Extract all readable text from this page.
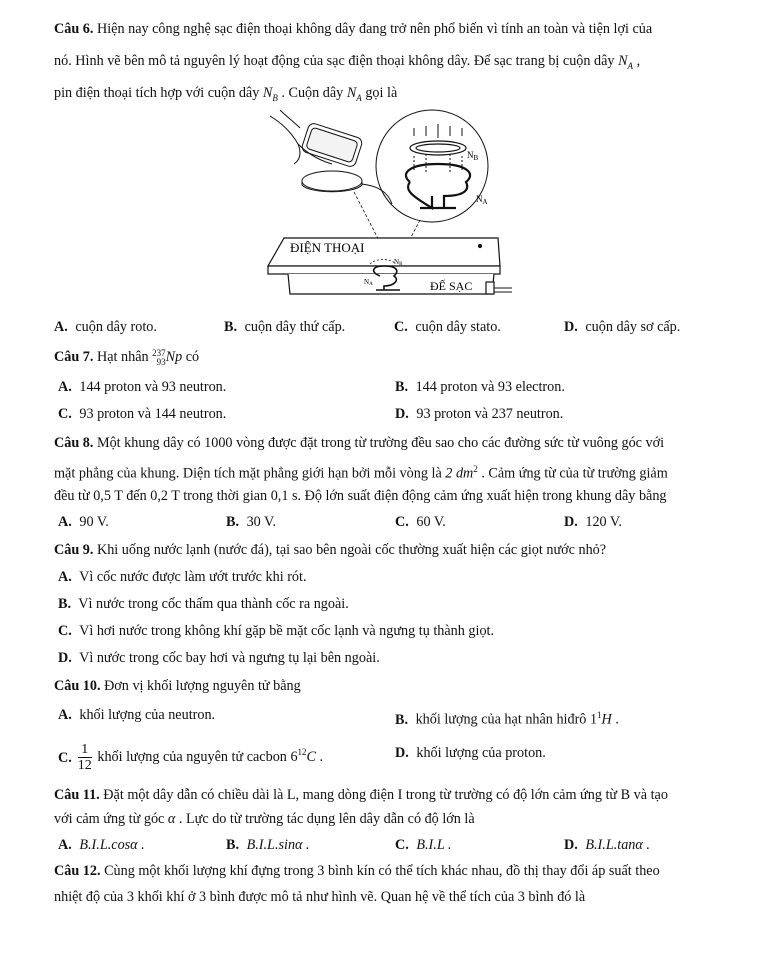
Câu 6. Hiện nay công nghệ sạc điện thoại không dây đang trở nên phổ biến vì tính an toàn và tiện lợi của
nó. Hình vẽ bên mô tả nguyên lý hoạt động của sạc điện thoại không dây. Để sạc trang bị cuộn dây $N_A$ ,
pin điện thoại tích hợp với cuộn dây $N_B$ . Cuộn dây $N_A$ gọi là
$N_B$
$N_A$
ĐIỆN THOẠI
ĐẾ SẠC
NB
NA
A. cuộn dây roto.	B. cuộn dây thứ cấp.	C. cuộn dây stato.	D. cuộn dây sơ cấp.
Câu 7. Hạt nhân 237
93 Np có
A. 144 proton và 93 neutron.	B. 144 proton và 93 electron.
C. 93 proton và 144 neutron.	D. 93 proton và 237 neutron.
Câu 8. Một khung dây có 1000 vòng được đặt trong từ trường đều sao cho các đường sức từ vuông góc với
mặt phẳng của khung. Diện tích mặt phẳng giới hạn bởi mỗi vòng là 2 $dm^2$ . Cảm ứng từ của từ trường giảm
đều từ 0,5 T đến 0,2 T trong thời gian 0,1 s. Độ lớn suất điện động cảm ứng xuất hiện trong khung dây bằng
A. 90 V.	B. 30 V.	C. 60 V.	D. 120 V.
Câu 9. Khi uống nước lạnh (nước đá), tại sao bên ngoài cốc thường xuất hiện các giọt nước nhỏ?
A. Vì cốc nước được làm ướt trước khi rót.
B. Vì nước trong cốc thấm qua thành cốc ra ngoài.
C. Vì hơi nước trong không khí gặp bề mặt cốc lạnh và ngưng tụ thành giọt.
D. Vì nước trong cốc bay hơi và ngưng tụ lại bên ngoài.
Câu 10. Đơn vị khối lượng nguyên tử bằng
A. khối lượng của neutron.	B. khối lượng của hạt nhân hiđrô $1^1H$ .
C. $\frac{1}{12}$ khối lượng của nguyên tử cacbon $6^{12}C$ .	D. khối lượng của proton.
Câu 11. Đặt một dây dẫn có chiều dài là L, mang dòng điện I trong từ trường có độ lớn cảm ứng từ B và tạo
với cảm ứng từ góc α . Lực do từ trường tác dụng lên dây dẫn có độ lớn là
A. B.I.L.cosα .	B. B.I.L.sinα .	C. B.I.L .	D. B.I.L.tanα .
Câu 12. Cùng một khối lượng khí đựng trong 3 bình kín có thể tích khác nhau, đồ thị thay đổi áp suất theo
nhiệt độ của 3 khối khí ở 3 bình được mô tả như hình vẽ. Quan hệ về thể tích của 3 bình đó là
